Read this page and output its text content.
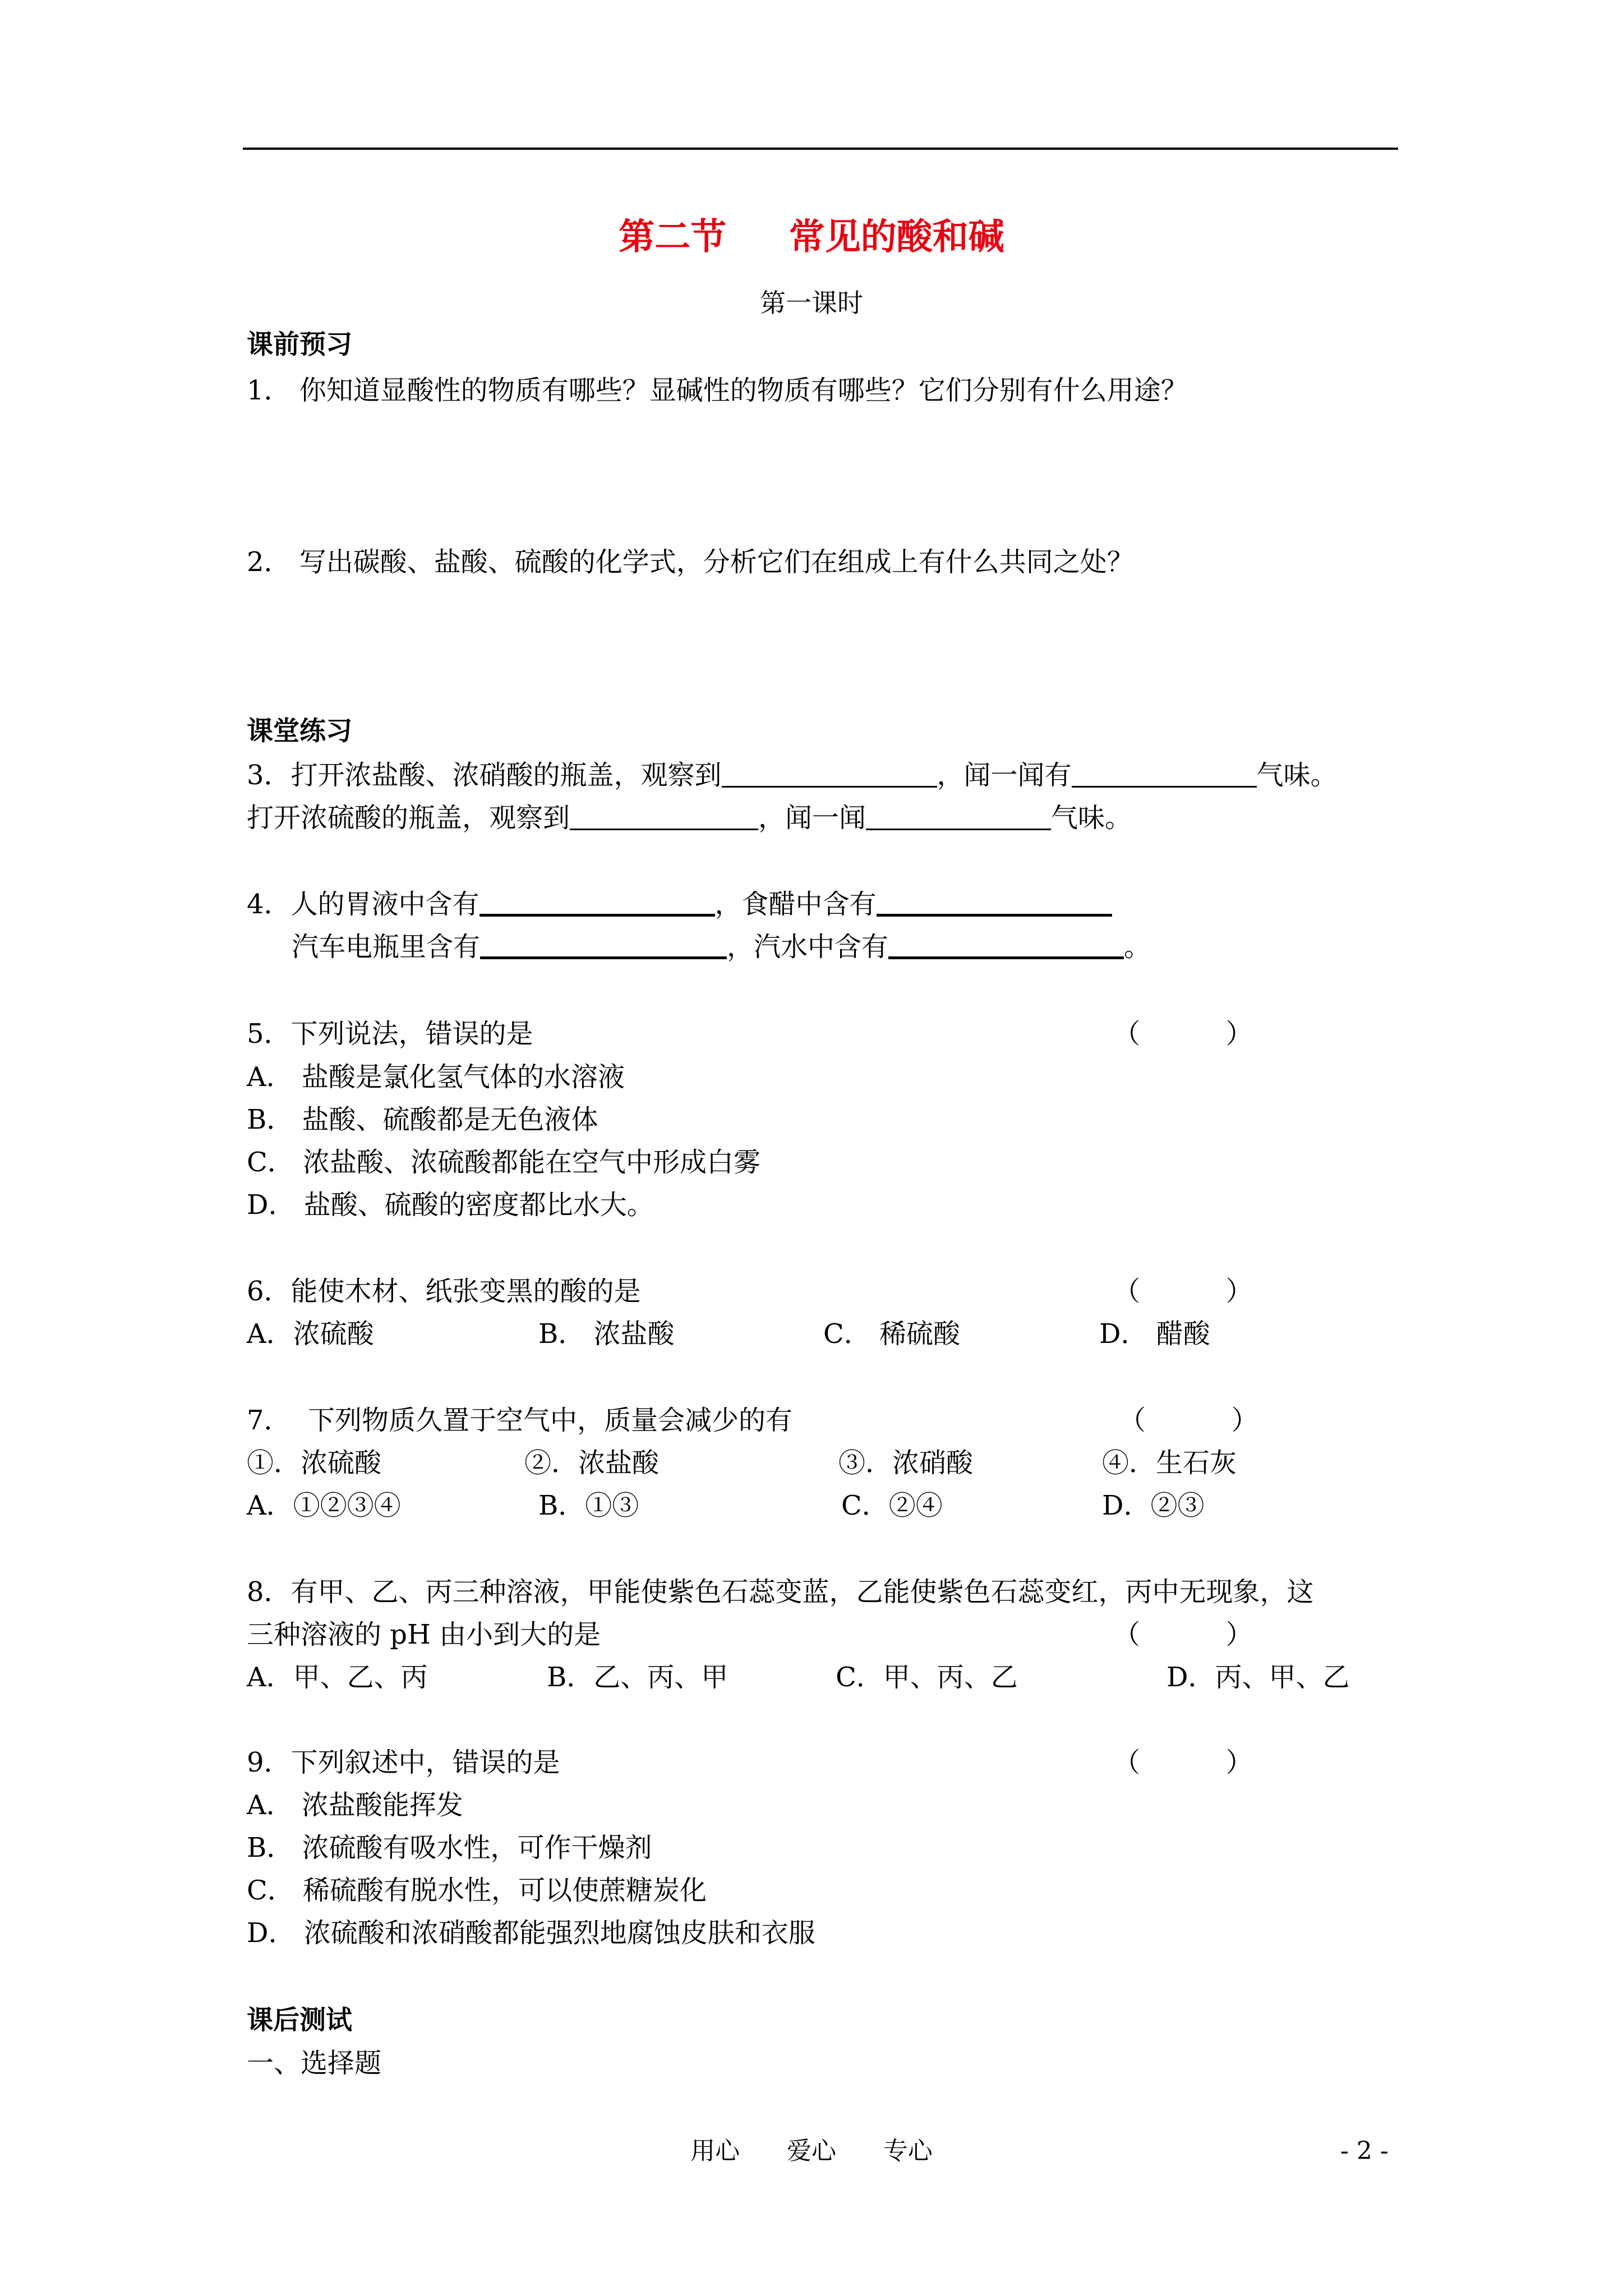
第二节     常见的酸和碱
第一课时
课前预习
1． 你知道显酸性的物质有哪些？显碱性的物质有哪些？它们分别有什么用途？
2． 写出碳酸、盐酸、硫酸的化学式，分析它们在组成上有什么共同之处？
课堂练习
3．打开浓盐酸、浓硝酸的瓶盖，观察到	，闻一闻有	气味。
打开浓硫酸的瓶盖，观察到	，闻一闻	气味。
4．人的胃液中含有	，食醋中含有
汽车电瓶里含有	，汽水中含有	。
5．下列说法，错误的是	（          ）
A． 盐酸是氯化氢气体的水溶液
B． 盐酸、硫酸都是无色液体
C． 浓盐酸、浓硫酸都能在空气中形成白雾
D． 盐酸、硫酸的密度都比水大。
6．能使木材、纸张变黑的酸的是	（          ）
A．浓硫酸	B． 浓盐酸	C． 稀硫酸	D． 醋酸
7．  下列物质久置于空气中，质量会减少的有	（          ）
①．浓硫酸	②．浓盐酸	③．浓硝酸	④．生石灰
A．①②③④	B．①③	C．②④	D．②③
8．有甲、乙、丙三种溶液，甲能使紫色石蕊变蓝，乙能使紫色石蕊变红，丙中无现象，这
三种溶液的 pH 由小到大的是	（          ）
A．甲、乙、丙	B．乙、丙、甲	C．甲、丙、乙	D．丙、甲、乙
9．下列叙述中，错误的是	（          ）
A． 浓盐酸能挥发
B． 浓硫酸有吸水性，可作干燥剂
C． 稀硫酸有脱水性，可以使蔗糖炭化
D． 浓硫酸和浓硝酸都能强烈地腐蚀皮肤和衣服
课后测试
一、选择题
用心      爱心      专心	- 2 -
